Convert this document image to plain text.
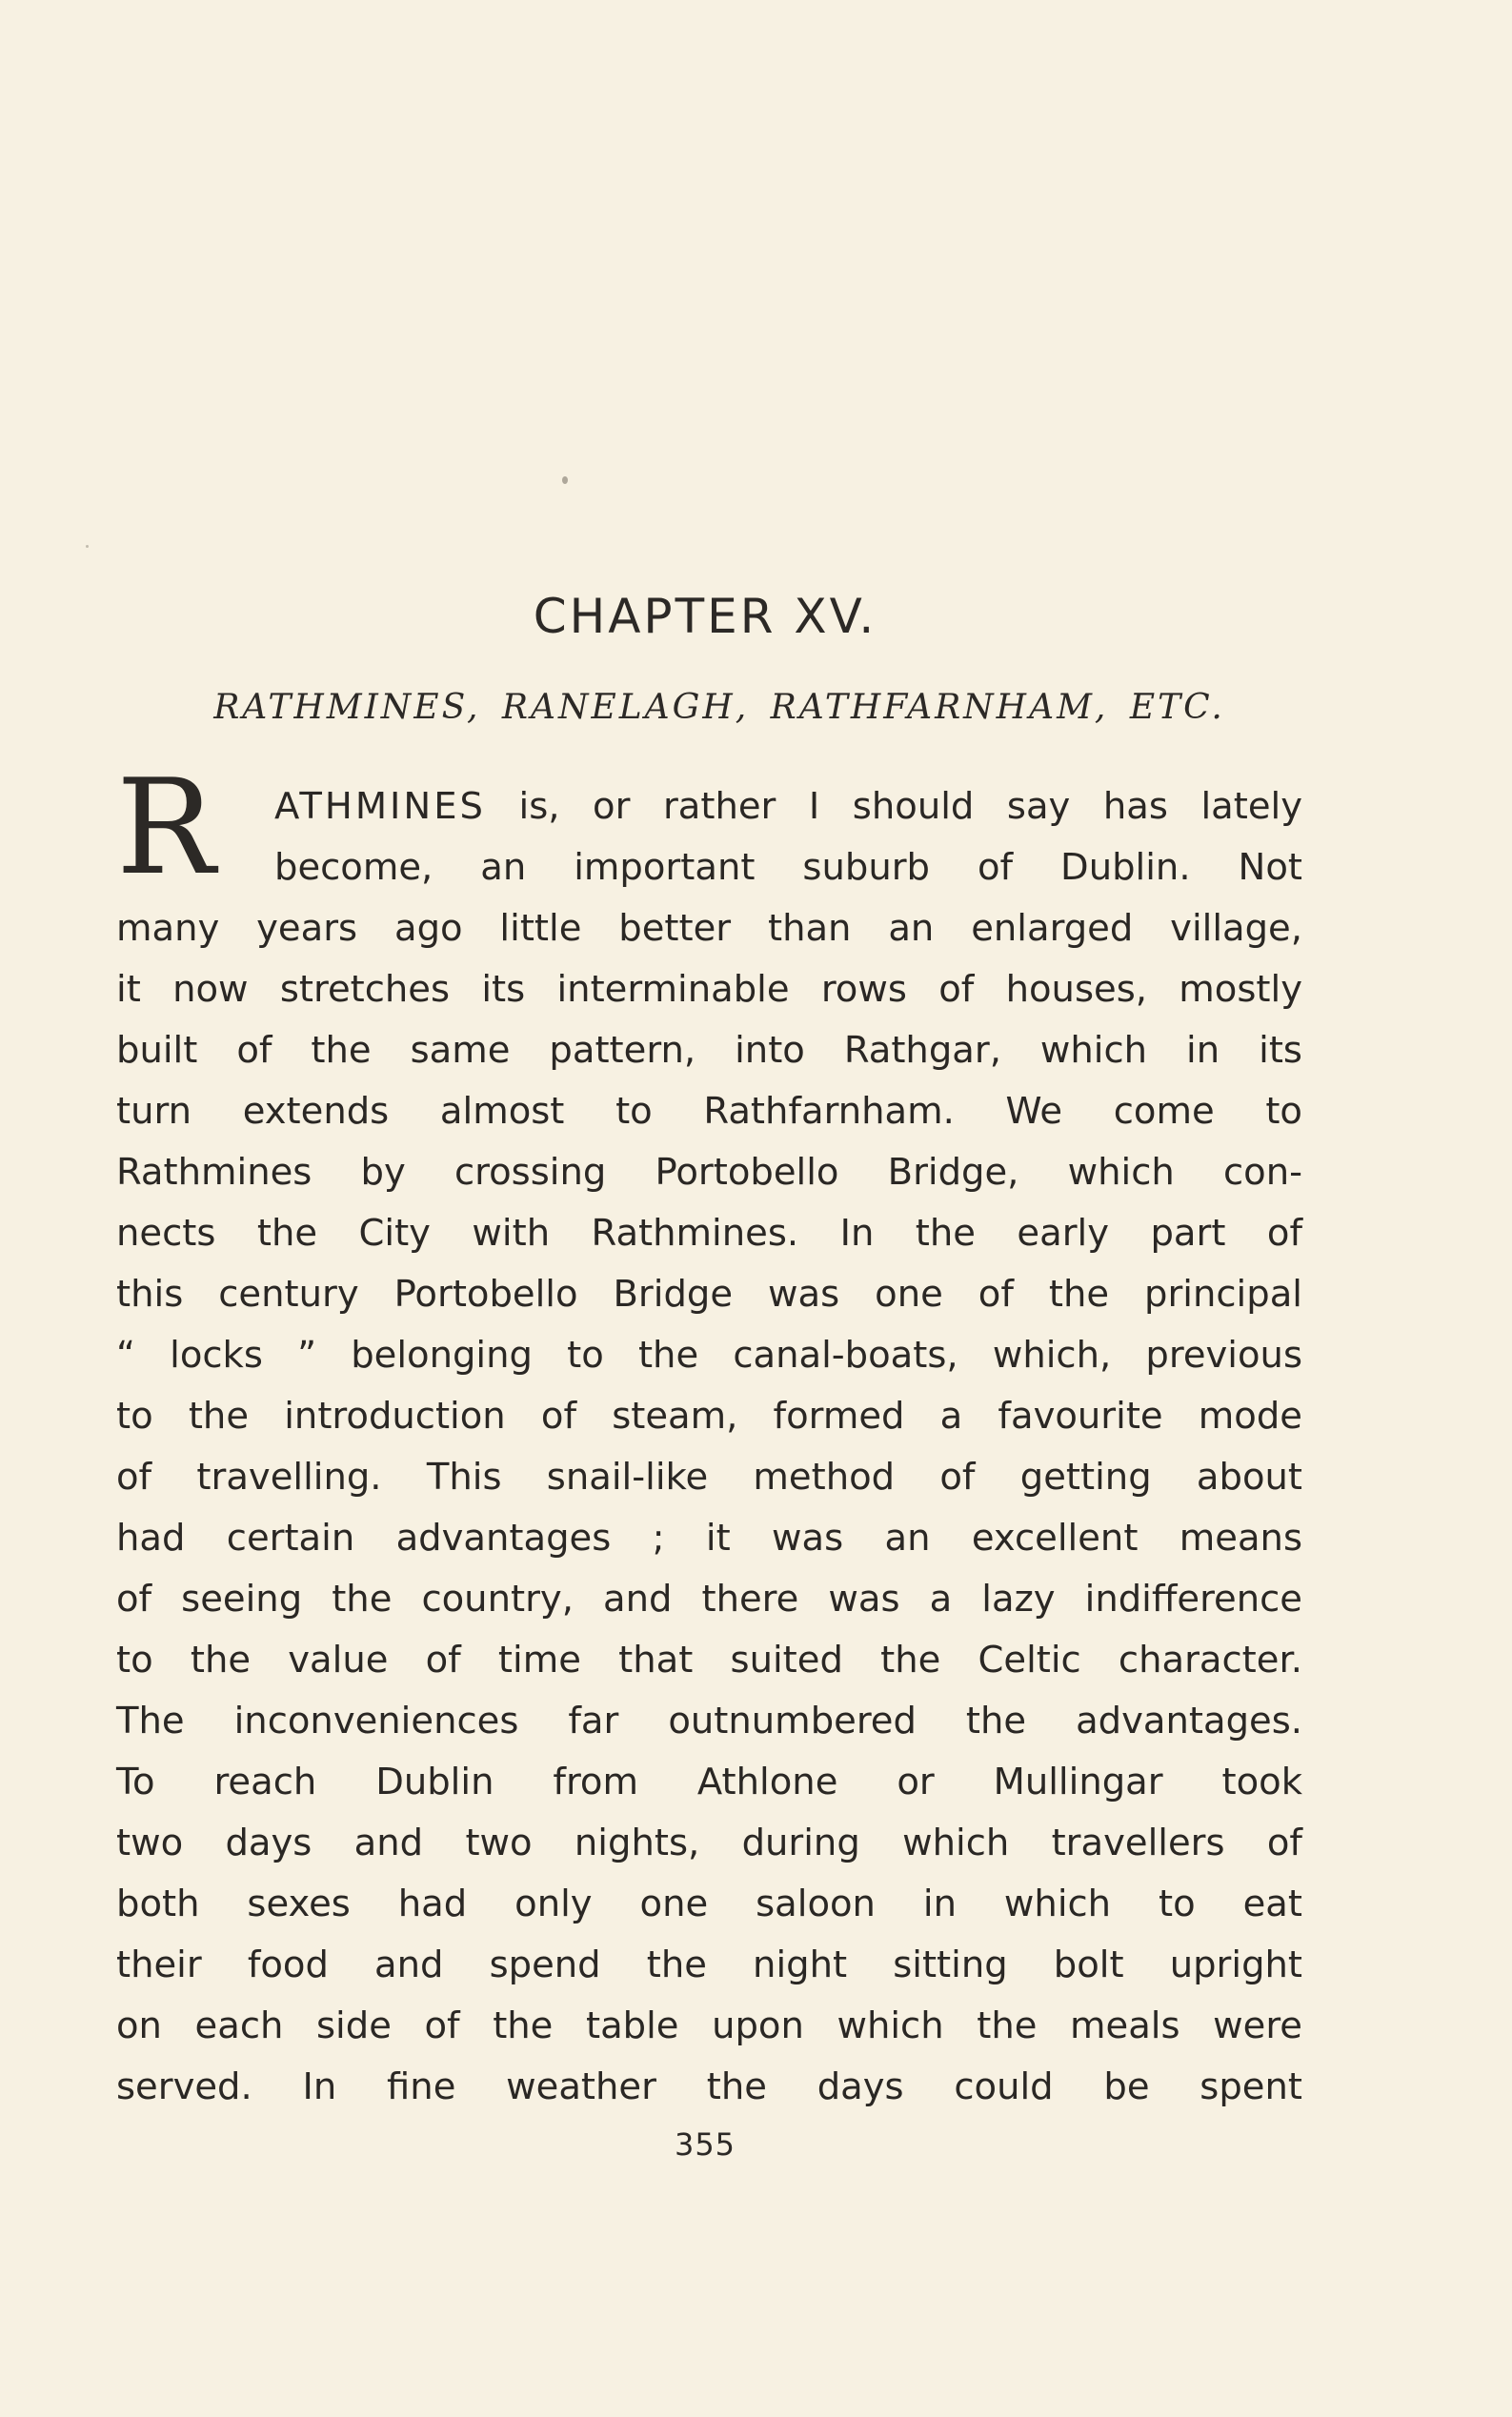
CHAPTER XV.
RATHMINES, RANELAGH, RATHFARNHAM, ETC.
R ATHMINES is, or rather I should say has lately
become, an important suburb of Dublin. Not
many years ago little better than an enlarged village,
it now stretches its interminable rows of houses, mostly
built of the same pattern, into Rathgar, which in its
turn extends almost to Rathfarnham. We come to
Rathmines by crossing Portobello Bridge, which con-
nects the City with Rathmines. In the early part of
this century Portobello Bridge was one of the principal
“ locks ” belonging to the canal-boats, which, previous
to the introduction of steam, formed a favourite mode
of travelling. This snail-like method of getting about
had certain advantages ; it was an excellent means
of seeing the country, and there was a lazy indifference
to the value of time that suited the Celtic character.
The inconveniences far outnumbered the advantages.
To reach Dublin from Athlone or Mullingar took
two days and two nights, during which travellers of
both sexes had only one saloon in which to eat
their food and spend the night sitting bolt upright
on each side of the table upon which the meals were
served. In fine weather the days could be spent
355
